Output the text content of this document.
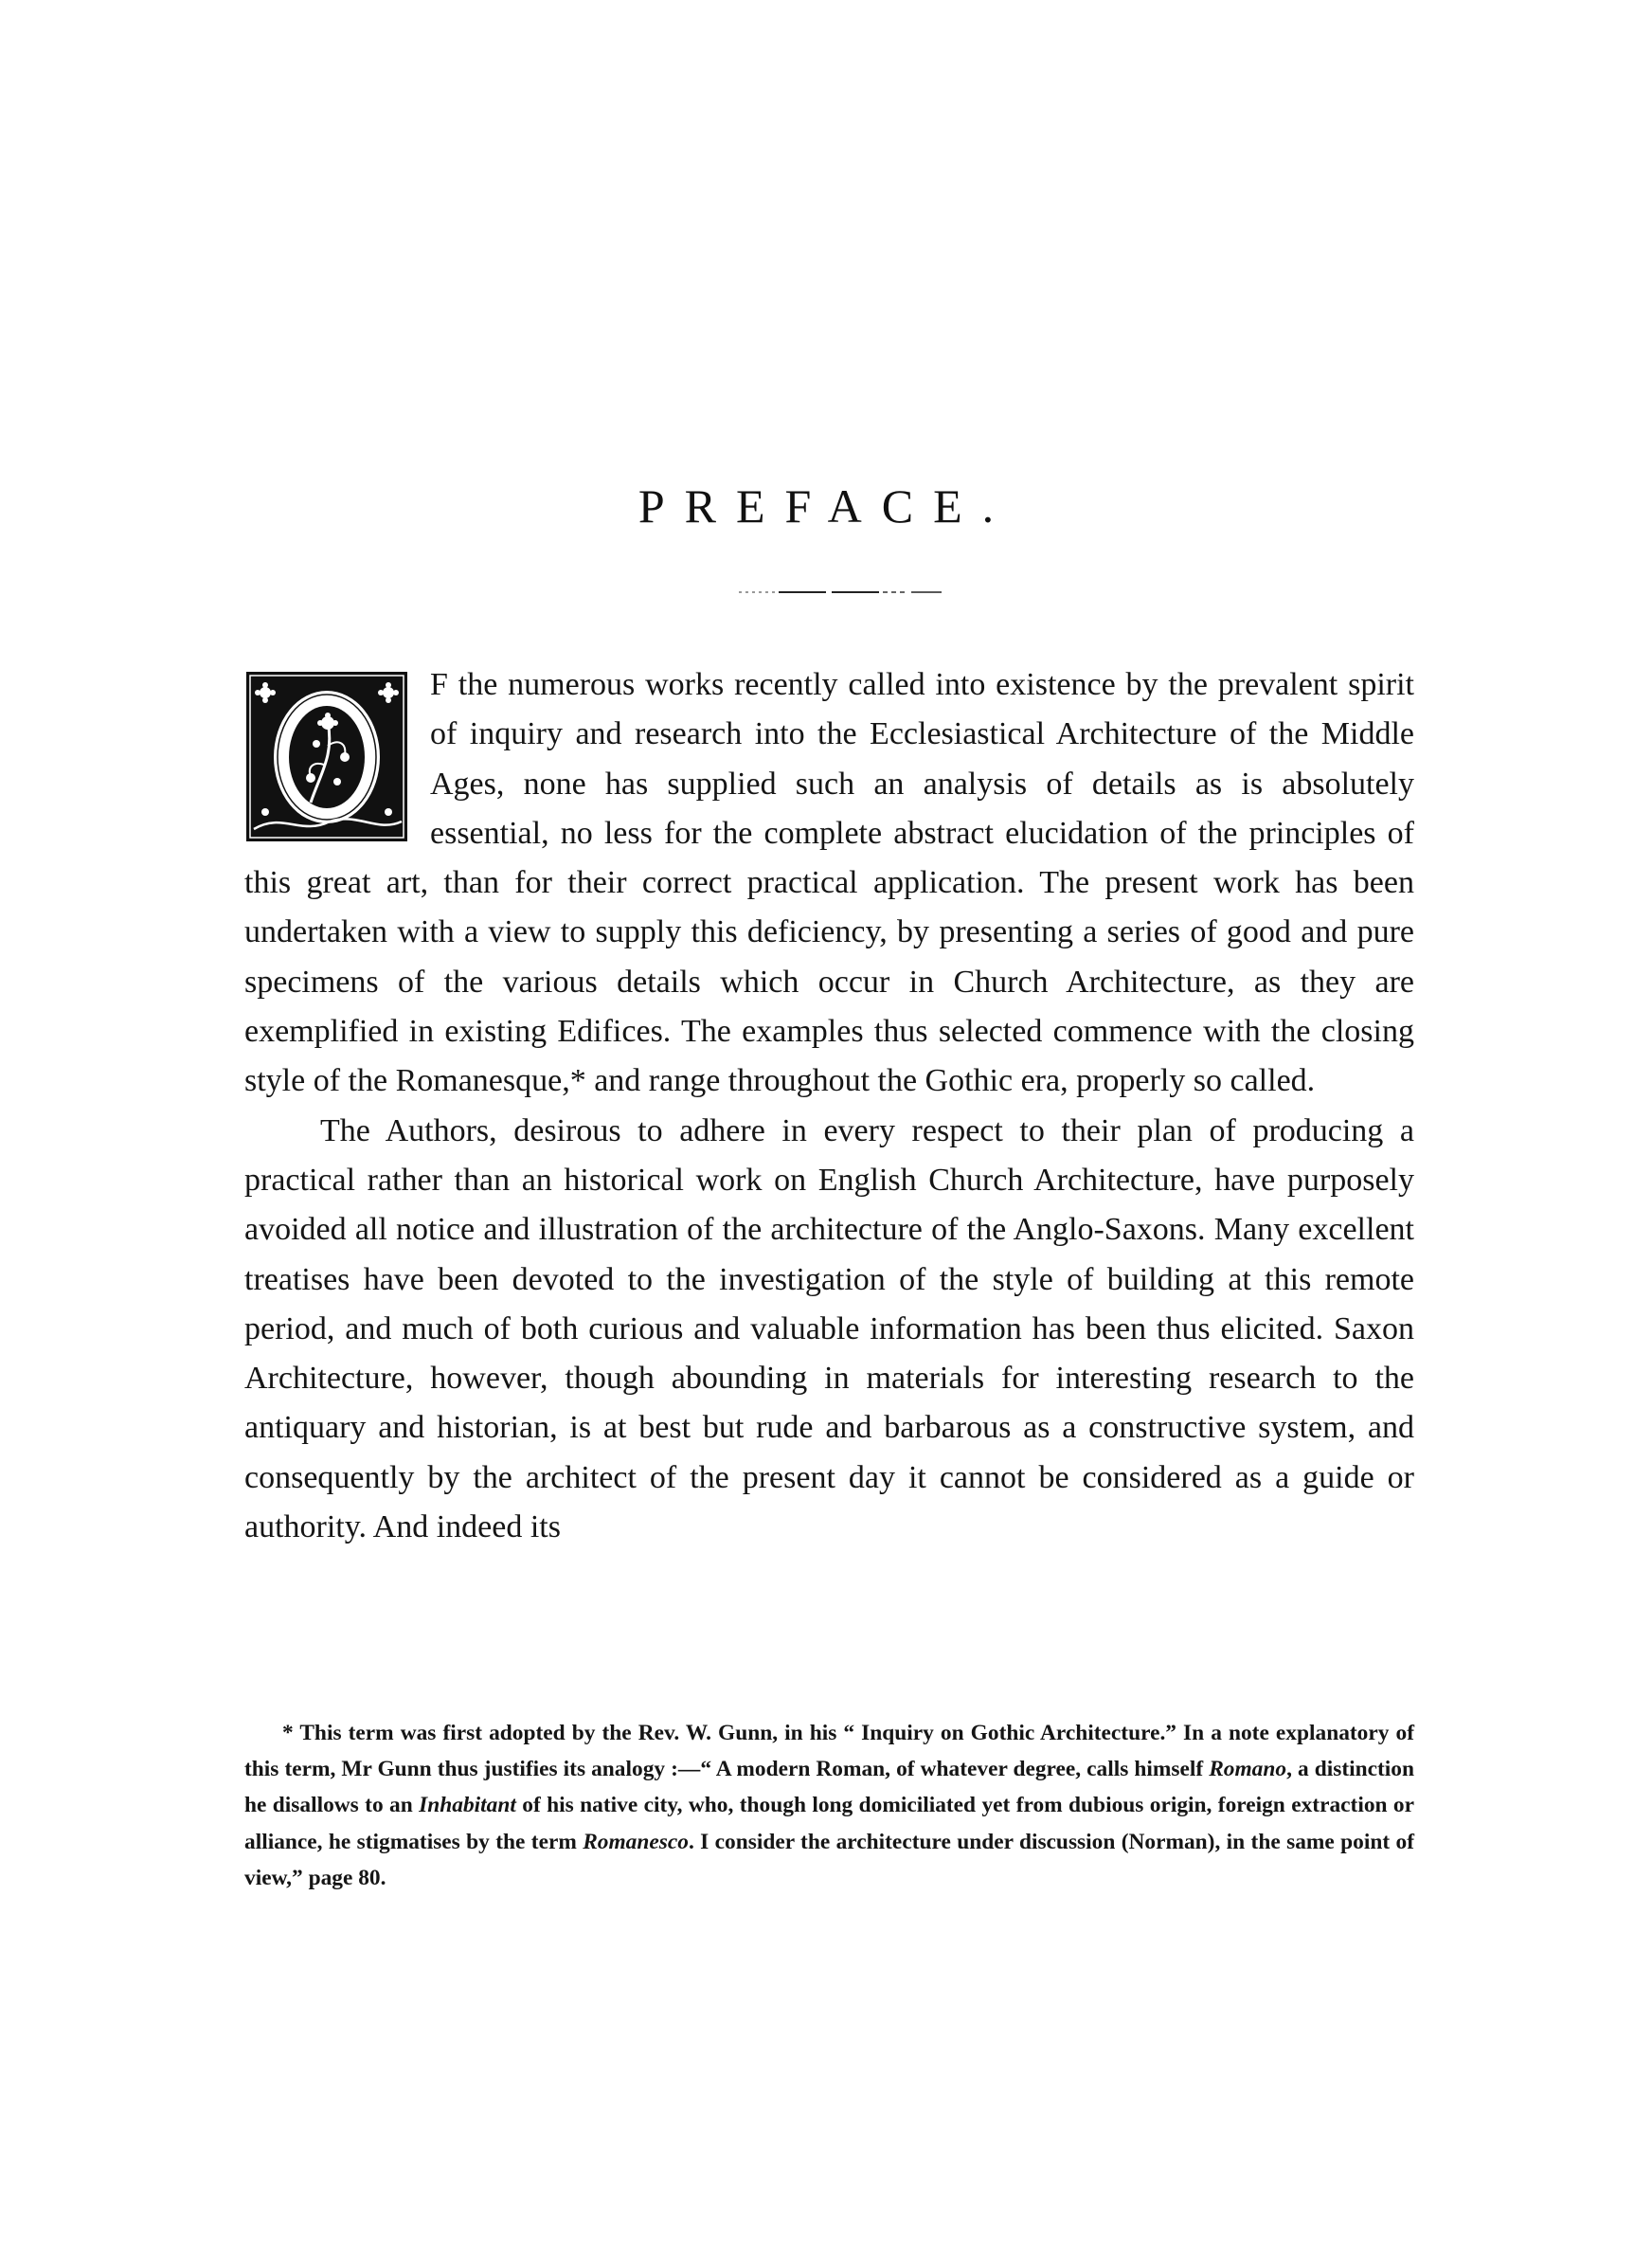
PREFACE.

F the numerous works recently called into existence by the prevalent spirit of inquiry and research into the Ecclesiastical Architecture of the Middle Ages, none has supplied such an analysis of details as is absolutely essential, no less for the complete abstract elucidation of the principles of this great art, than for their correct practical application. The present work has been undertaken with a view to supply this deficiency, by presenting a series of good and pure specimens of the various details which occur in Church Architecture, as they are exemplified in existing Edifices. The examples thus selected commence with the closing style of the Romanesque,* and range throughout the Gothic era, properly so called.

The Authors, desirous to adhere in every respect to their plan of producing a practical rather than an historical work on English Church Architecture, have purposely avoided all notice and illustration of the architecture of the Anglo-Saxons. Many excellent treatises have been devoted to the investigation of the style of building at this remote period, and much of both curious and valuable information has been thus elicited. Saxon Architecture, however, though abounding in materials for interesting research to the antiquary and historian, is at best but rude and barbarous as a constructive system, and consequently by the architect of the present day it cannot be considered as a guide or authority. And indeed its

* This term was first adopted by the Rev. W. Gunn, in his “ Inquiry on Gothic Architecture.” In a note explanatory of this term, Mr Gunn thus justifies its analogy :—“ A modern Roman, of whatever degree, calls himself Romano, a distinction he disallows to an Inhabitant of his native city, who, though long domiciliated yet from dubious origin, foreign extraction or alliance, he stigmatises by the term Romanesco. I consider the architecture under discussion (Norman), in the same point of view,” page 80.
